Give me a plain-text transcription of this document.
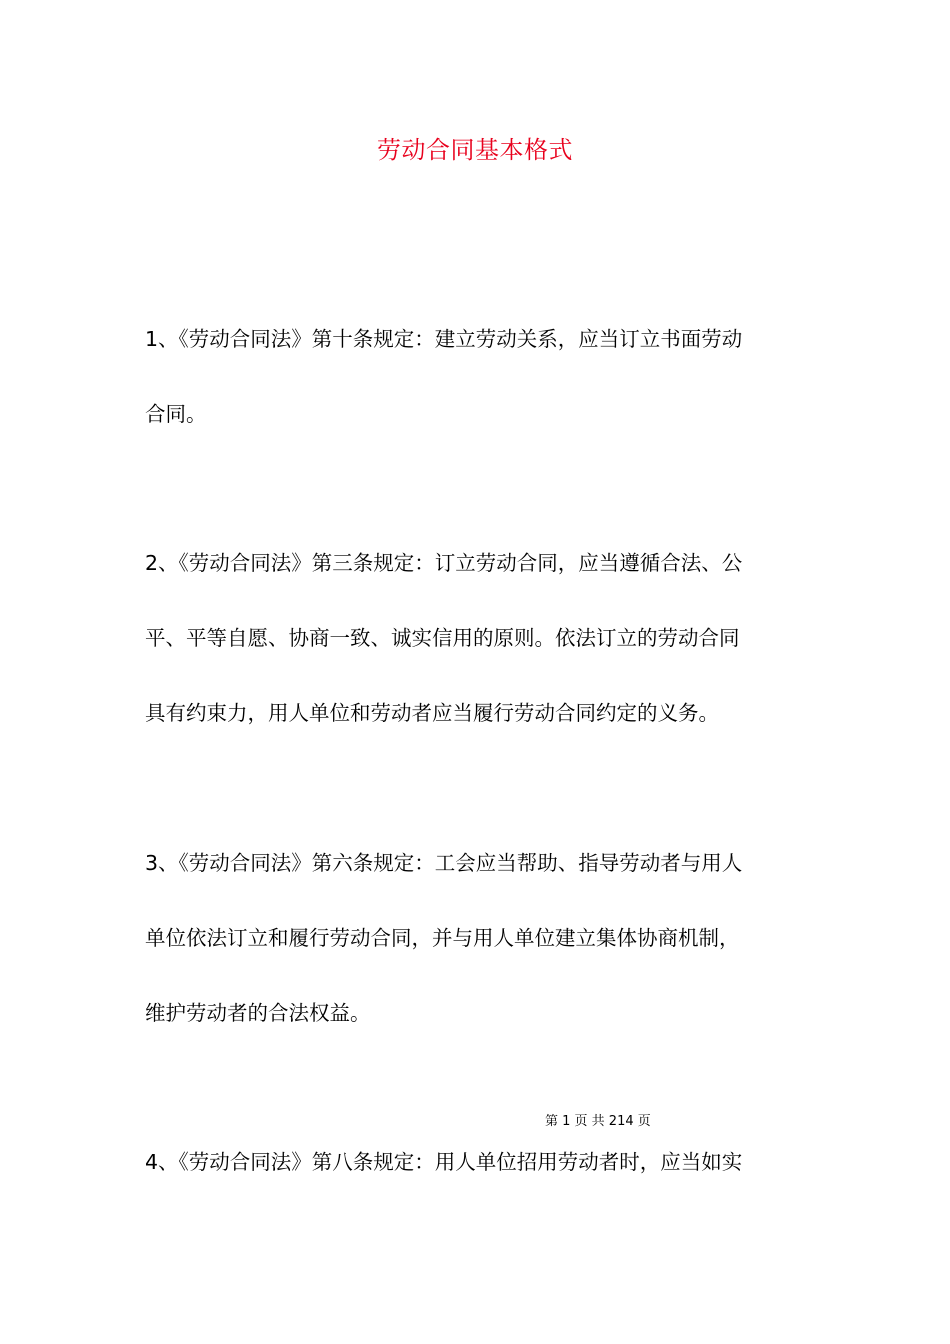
劳动合同基本格式
1、《劳动合同法》第十条规定：建立劳动关系，应当订立书面劳动
合同。
2、《劳动合同法》第三条规定：订立劳动合同，应当遵循合法、公
平、平等自愿、协商一致、诚实信用的原则。依法订立的劳动合同
具有约束力，用人单位和劳动者应当履行劳动合同约定的义务。
3、《劳动合同法》第六条规定：工会应当帮助、指导劳动者与用人
单位依法订立和履行劳动合同，并与用人单位建立集体协商机制，
维护劳动者的合法权益。
第 1 页 共 214 页
4、《劳动合同法》第八条规定：用人单位招用劳动者时，应当如实
